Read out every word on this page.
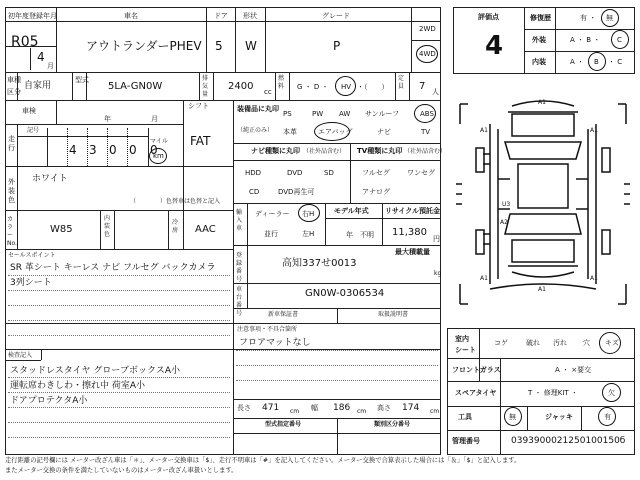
初年度登録年月
R05
4
月
車名
アウトランダーPHEV
ドア
5
形状
W
グレード
P
2WD
4WD
車種
区分
自家用
型式
5LA-GN0W
排気量
2400 cc
燃料	G ・ D ・ HV ・（　　）
定員 7 人
車検
年	月
シフト
FAT
走行
記号
4 3 0 0 0
マイル
km
外装色
ホワイト
（　　　　）色替車は色替と記入
カラーNo.
W85
内装色
冷房 AAC
装備品に丸印
（純正のみ）
PS	PW AW サンルーフ	ABS
本革	エアバッグ	ナビ	TV
ナビ種類に丸印 （社外品含む）
HDD	DVD	SD
CD	DVD再生可
TV種類に丸印 （社外品含む）
フルセグ ワンセグ
アナログ
輸入車
ディーラー 右H
並行	左H
モデル年式
年　不明
リサイクル預託金
11,380
円
登録番号
高知337せ0013
最大積載量
kg
車台番号
GN0W-0306534
セールスポイント
SR 革シート キーレス ナビ フルセグ バックカメラ
3列シート
新車保証書	取扱説明書
注意事項・不具合箇所
フロアマットなし
検査記入
スタッドレスタイヤ グローブボックスA小
運転席わきしわ・擦れ中 荷室A小
ドアプロテクタA小
長さ 471 cm 幅 186 cm 高さ 174 cm
型式指定番号	類別区分番号
評価点
4
修復歴	有 ・ 無
外装	A ・ B ・ C
内装	A ・ B ・ C
A1
A1	A1
U3
A2
A1	A1
A1
室内
シート
コゲ	破れ 汚れ 穴 キズ
フロントガラス	A ・ ×要交
スペアタイヤ	T ・ 修理KIT ・	欠
工具	無	ジャッキ	有
管理番号	0393900021250100150б
走行距離の記号欄には メーター改ざん車は「＊」、メーター交換車は「$」、走行不明車は「#」を記入してください。メーター交換で合算表示した場合には「＆」「$」と記入します。
またメーター交換の条件を満たしていないものはメーター改ざん車扱いとします。
